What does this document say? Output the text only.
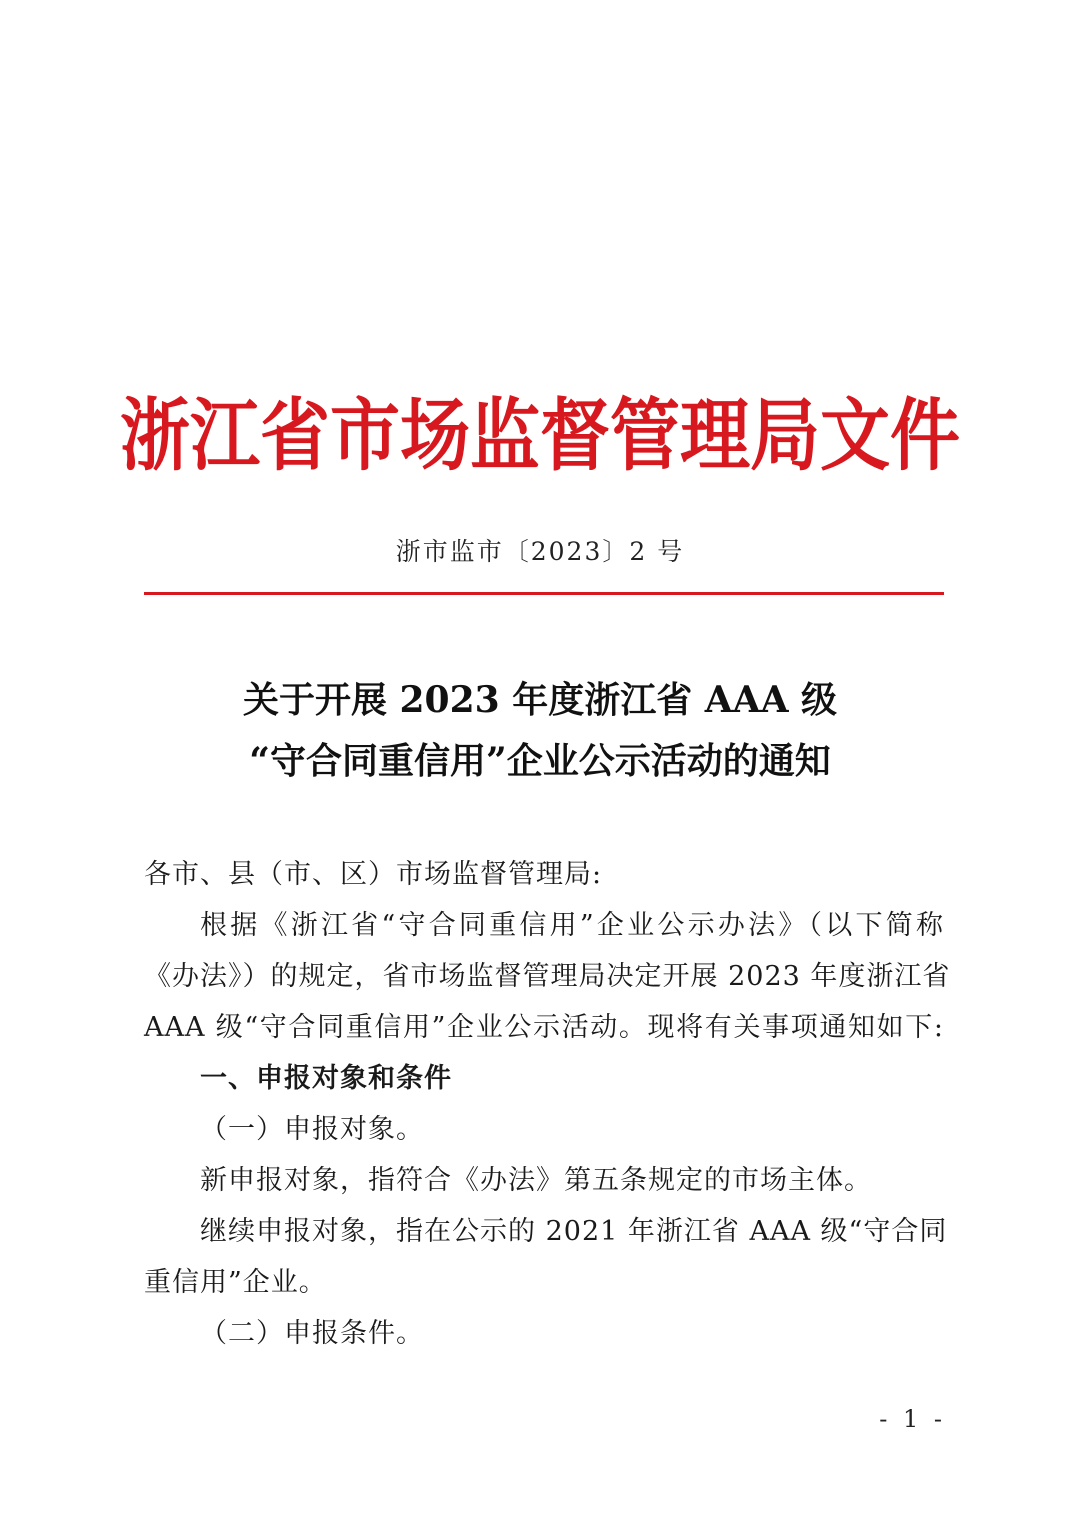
浙江省市场监督管理局文件
浙市监市〔2023〕2 号
关于开展 2023 年度浙江省 AAA 级
“守合同重信用”企业公示活动的通知
各市、县（市、区）市场监督管理局:
根据《浙江省“守合同重信用”企业公示办法》（以下简称
《办法》）的规定，省市场监督管理局决定开展 2023 年度浙江省
AAA 级“守合同重信用”企业公示活动。现将有关事项通知如下:
一、申报对象和条件
（一）申报对象。
新申报对象，指符合《办法》第五条规定的市场主体。
继续申报对象，指在公示的 2021 年浙江省 AAA 级“守合同
重信用”企业。
（二）申报条件。
- 1 -
